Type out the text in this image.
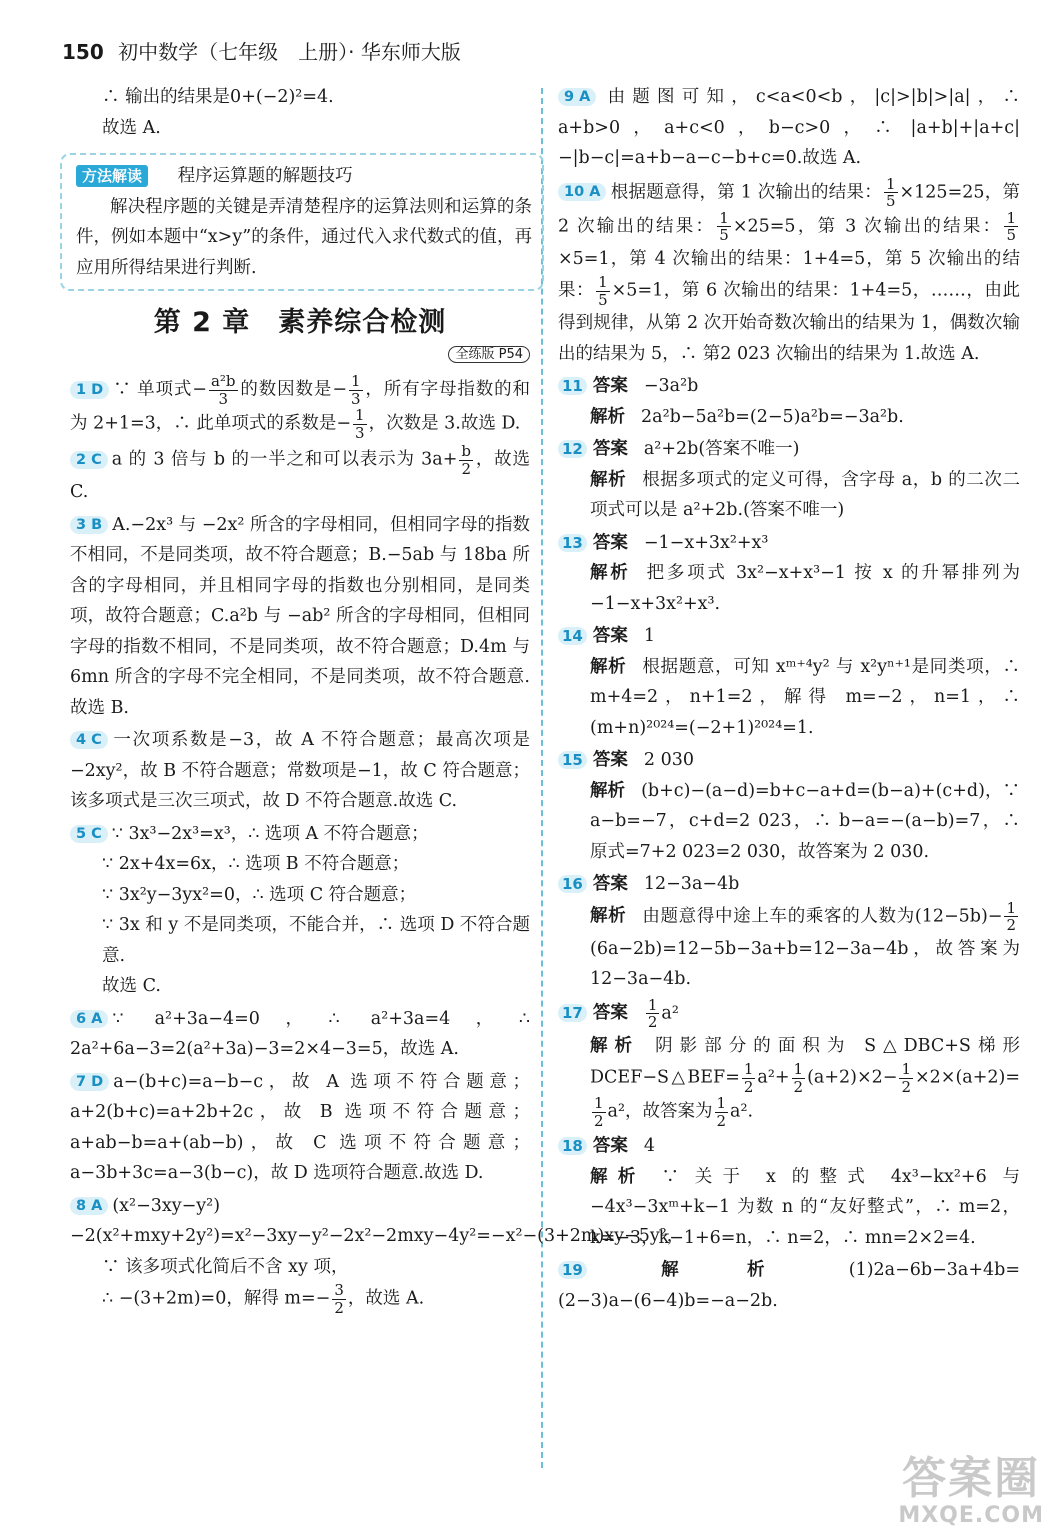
150 初中数学（七年级　上册）· 华东师大版

∴ 输出的结果是0+(−2)²=4.

故选 A.

方法解读 程序运算题的解题技巧

解决程序题的关键是弄清楚程序的运算法则和运算的条件，例如本题中“x>y”的条件，通过代入求代数式的值，再应用所得结果进行判断.

第 2 章　素养综合检测
全练版 P54

1 D ∵ 单项式− $\frac{\text{a²b}}{3}$ 的数因数是− $\frac{1}{3}$ ，所有字母指数的和为 2+1=3，∴ 此单项式的系数是− $\frac{1}{3}$ ，次数是 3.故选 D.

2 C a 的 3 倍与 b 的一半之和可以表示为 $3a+ \frac{b}{2}$ ，故选 C.

3 B A.−2x³ 与 −2x² 所含的字母相同，但相同字母的指数不相同，不是同类项，故不符合题意；B.−5ab 与 18ba 所含的字母相同，并且相同字母的指数也分别相同，是同类项，故符合题意；C.a²b 与 −ab² 所含的字母相同，但相同字母的指数不相同，不是同类项，故不符合题意；D.4m 与 6mn 所含的字母不完全相同，不是同类项，故不符合题意.故选 B.

4 C 一次项系数是−3，故 A 不符合题意；最高次项是 −2xy²，故 B 不符合题意；常数项是−1，故 C 符合题意；该多项式是三次三项式，故 D 不符合题意.故选 C.

5 C ∵ 3x³−2x³=x³，∴ 选项 A 不符合题意；

∵ 2x+4x=6x，∴ 选项 B 不符合题意；

∵ 3x²y−3yx²=0，∴ 选项 C 符合题意；

∵ 3x 和 y 不是同类项，不能合并，∴ 选项 D 不符合题意.

故选 C.

6 A ∵ a²+3a−4=0，∴ a²+3a=4，∴ 2a²+6a−3=2(a²+3a)−3=2×4−3=5，故选 A.

7 D a−(b+c)=a−b−c，故 A 选项不符合题意；a+2(b+c)=a+2b+2c，故 B 选项不符合题意；a+ab−b=a+(ab−b)，故 C 选项不符合题意；a−3b+3c=a−3(b−c)，故 D 选项符合题意.故选 D.

8 A (x²−3xy−y²)−2(x²+mxy+2y²)=x²−3xy−y²−2x²−2mxy−4y²=−x²−(3+2m)xy−5y²，

∵ 该多项式化简后不含 xy 项，

∴ −(3+2m)=0，解得 $m=- \frac{3}{2}$ ，故选 A.

9 A 由题图可知，c<a<0<b，|c|>|b|>|a|，∴ a+b>0，a+c<0，b−c>0，∴ |a+b|+|a+c|−|b−c|=a+b−a−c−b+c=0.故选 A.

10 A 根据题意得，第 1 次输出的结果： $\frac{1}{5} \times 125=25$，第 2 次输出的结果： $\frac{1}{5} \times 25=5$，第 3 次输出的结果： $\frac{1}{5}$
×5=1，第 4 次输出的结果：1+4=5，第 5 次输出的结果： $\frac{1}{5} \times 5=1$，第 6 次输出的结果：1+4=5，……，由此得到规律，从第 2 次开始奇数次输出的结果为 1，偶数次输出的结果为 5，∴ 第2 023 次输出的结果为 1.故选 A.

11 答案 −3a²b

解析 2a²b−5a²b=(2−5)a²b=−3a²b.

12 答案 a²+2b(答案不唯一)

解析 根据多项式的定义可得，含字母 a，b 的二次二项式可以是 a²+2b.(答案不唯一)

13 答案 −1−x+3x²+x³

解析 把多项式 3x²−x+x³−1 按 x 的升幂排列为−1−x+3x²+x³.

14 答案 1

解析 根据题意，可知 xᵐ⁺⁴y² 与 x²yⁿ⁺¹是同类项，∴ m+4=2，n+1=2，解得 m=−2，n=1，∴ (m+n)²⁰²⁴=(−2+1)²⁰²⁴=1.

15 答案 2 030

解析 (b+c)−(a−d)=b+c−a+d=(b−a)+(c+d)，∵ a−b=−7，c+d=2 023，∴ b−a=−(a−b)=7，∴ 原式=7+2 023=2 030，故答案为 2 030.

16 答案 12−3a−4b

解析 由题意得中途上车的乘客的人数为$(12-5b)- \frac{1}{2}$
(6a−2b)=12−5b−3a+b=12−3a−4b，故答案为 12−3a−4b.

17 答案 $\frac{1}{2} a^2$

解析 阴影部分的面积为 S△DBC+S梯形DCEF−S△BEF= $\frac{1}{2} a^2+ \frac{1}{2} (a+2)\times 2- \frac{1}{2} \times 2\times(a+2)=$
$\frac{1}{2} a^2$，故答案为 $\frac{1}{2} a^2$.

18 答案 4

解析 ∵ 关于 x 的整式 4x³−kx²+6 与−4x³−3xᵐ+k−1 为数 n 的“友好整式”，∴ m=2，k=−3，k−1+6=n，∴ n=2，∴ mn=2×2=4.

19 解析 (1)2a−6b−3a+4b=(2−3)a−(6−4)b=−a−2b.

答案圈
MXQE.COM
